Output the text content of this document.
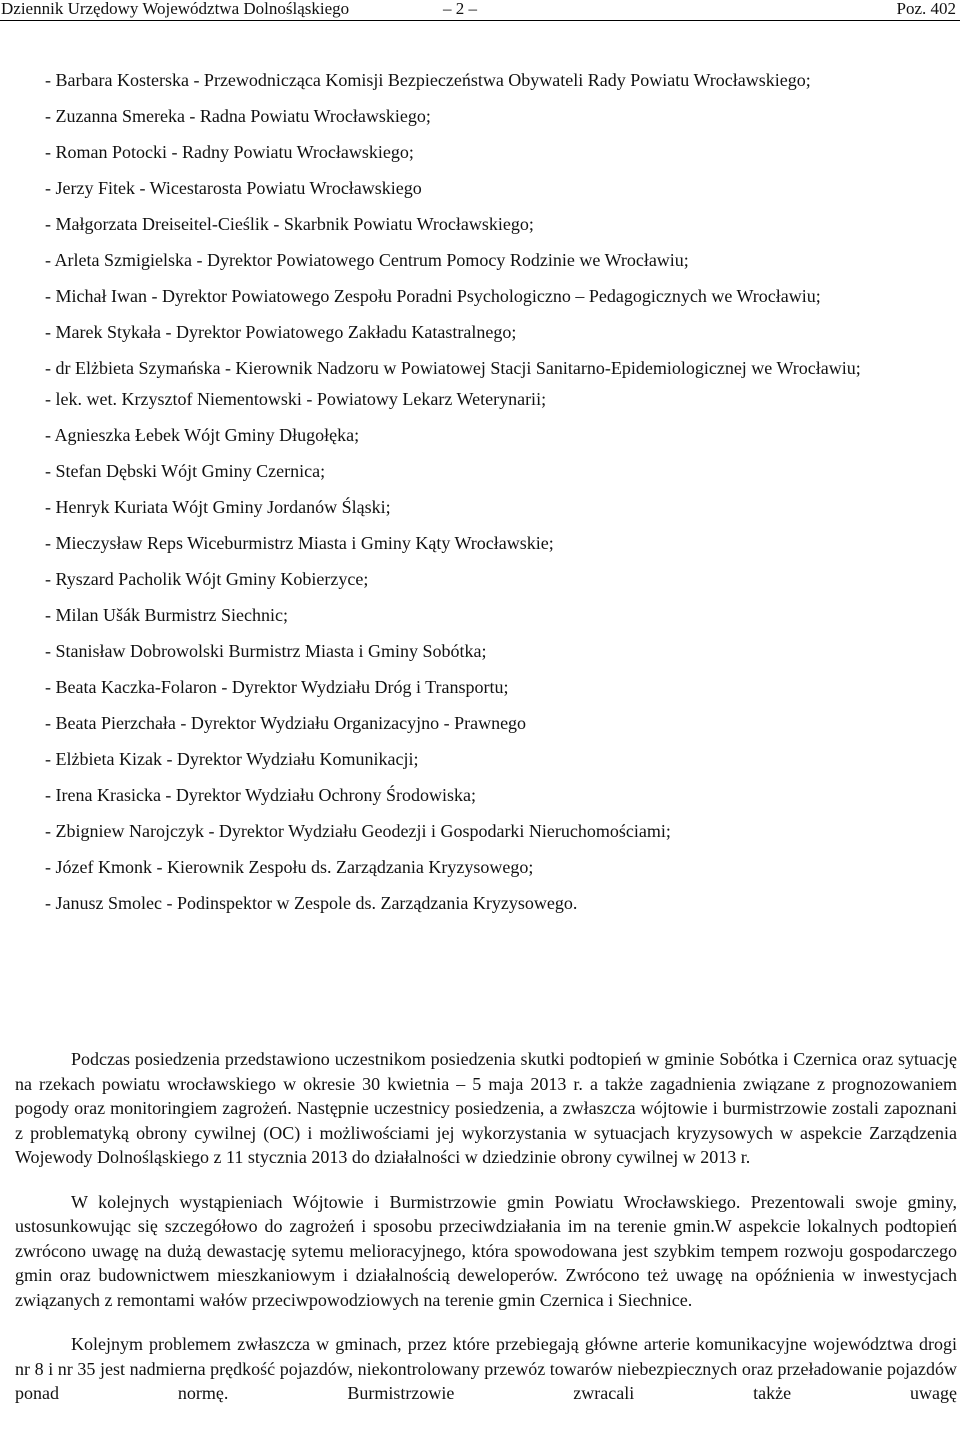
Dziennik Urzędowy Województwa Dolnośląskiego	– 2 –	Poz. 402
- Barbara Kosterska - Przewodnicząca Komisji Bezpieczeństwa Obywateli Rady Powiatu Wrocławskiego;
- Zuzanna Smereka - Radna Powiatu Wrocławskiego;
- Roman Potocki - Radny Powiatu Wrocławskiego;
- Jerzy Fitek - Wicestarosta Powiatu Wrocławskiego
- Małgorzata Dreiseitel-Cieślik - Skarbnik Powiatu Wrocławskiego;
- Arleta Szmigielska - Dyrektor Powiatowego Centrum Pomocy Rodzinie we Wrocławiu;
- Michał Iwan - Dyrektor Powiatowego Zespołu Poradni Psychologiczno – Pedagogicznych we Wrocławiu;
- Marek Stykała - Dyrektor Powiatowego Zakładu Katastralnego;
- dr Elżbieta Szymańska - Kierownik Nadzoru w Powiatowej Stacji Sanitarno-Epidemiologicznej we Wrocławiu;
- lek. wet. Krzysztof Niementowski - Powiatowy Lekarz Weterynarii;
- Agnieszka Łebek Wójt Gminy Długołęka;
- Stefan Dębski Wójt Gminy Czernica;
- Henryk Kuriata Wójt Gminy Jordanów Śląski;
- Mieczysław Reps Wiceburmistrz Miasta i Gminy Kąty Wrocławskie;
- Ryszard Pacholik Wójt Gminy Kobierzyce;
- Milan Ušák Burmistrz Siechnic;
- Stanisław Dobrowolski Burmistrz Miasta i Gminy Sobótka;
- Beata Kaczka-Folaron - Dyrektor Wydziału Dróg i Transportu;
- Beata Pierzchała - Dyrektor Wydziału Organizacyjno - Prawnego
- Elżbieta Kizak - Dyrektor Wydziału Komunikacji;
- Irena Krasicka - Dyrektor Wydziału Ochrony Środowiska;
- Zbigniew Narojczyk - Dyrektor Wydziału Geodezji i Gospodarki Nieruchomościami;
- Józef Kmonk - Kierownik Zespołu ds. Zarządzania Kryzysowego;
- Janusz Smolec - Podinspektor w Zespole ds. Zarządzania Kryzysowego.

Podczas posiedzenia przedstawiono uczestnikom posiedzenia skutki podtopień w gminie Sobótka i Czernica oraz sytuację na rzekach powiatu wrocławskiego w okresie 30 kwietnia – 5 maja 2013 r. a także zagadnienia związane z prognozowaniem pogody oraz monitoringiem zagrożeń. Następnie uczestnicy posiedzenia, a zwłaszcza wójtowie i burmistrzowie zostali zapoznani z problematyką obrony cywilnej (OC) i możliwościami jej wykorzystania w sytuacjach kryzysowych w aspekcie Zarządzenia Wojewody Dolnośląskiego z 11 stycznia 2013 do działalności w dziedzinie obrony cywilnej w 2013 r.

W kolejnych wystąpieniach Wójtowie i Burmistrzowie gmin Powiatu Wrocławskiego. Prezentowali swoje gminy, ustosunkowując się szczegółowo do zagrożeń i sposobu przeciwdziałania im na terenie gmin.W aspekcie lokalnych podtopień zwrócono uwagę na dużą dewastację sytemu melioracyjnego, która spowodowana jest szybkim tempem rozwoju gospodarczego gmin oraz budownictwem mieszkaniowym i działalnością deweloperów. Zwrócono też uwagę na opóźnienia w inwestycjach związanych z remontami wałów przeciwpowodziowych na terenie gmin Czernica i Siechnice.

Kolejnym problemem zwłaszcza w gminach, przez które przebiegają główne arterie komunikacyjne województwa drogi nr 8 i nr 35 jest nadmierna prędkość pojazdów, niekontrolowany przewóz towarów niebezpiecznych oraz przeładowanie pojazdów ponad normę. Burmistrzowie zwracali także uwagę
